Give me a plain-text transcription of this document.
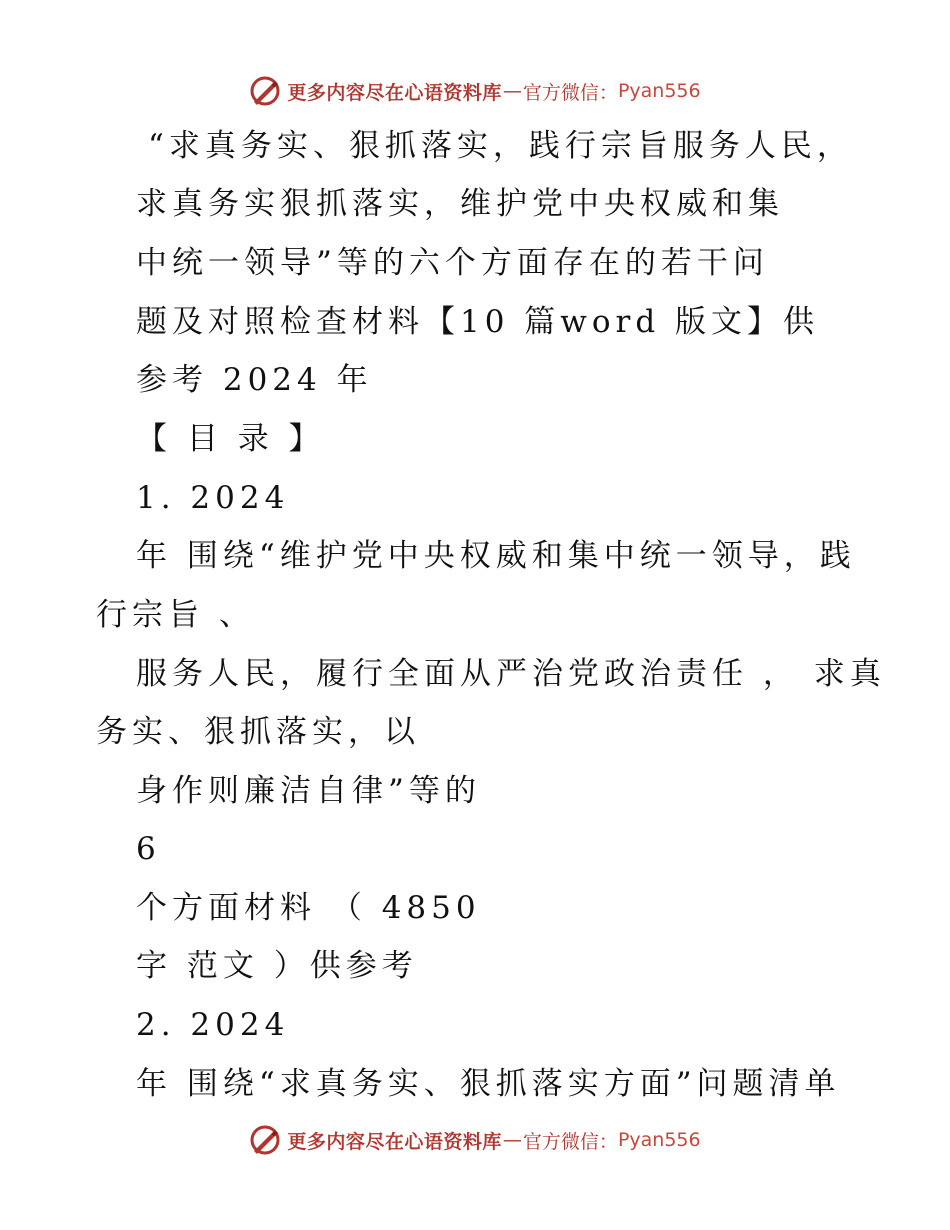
更多内容尽在心语资料库 — 官方微信： Pyan556
“求真务实、狠抓落实，践行宗旨服务人民，
求真务实狠抓落实，维护党中央权威和集
中统一领导”等的六个方面存在的若干问
题及对照检查材料【10 篇word 版文】供
参考 2024 年
【 目 录 】
1. 2024
年 围绕“维护党中央权威和集中统一领导，践
行宗旨 、
服务人民，履行全面从严治党政治责任 ， 求真
务实、狠抓落实，以
身作则廉洁自律”等的
6
个方面材料 （ 4850
字 范文 ）供参考
2. 2024
年 围绕“求真务实、狠抓落实方面”问题清单
更多内容尽在心语资料库 — 官方微信： Pyan556
